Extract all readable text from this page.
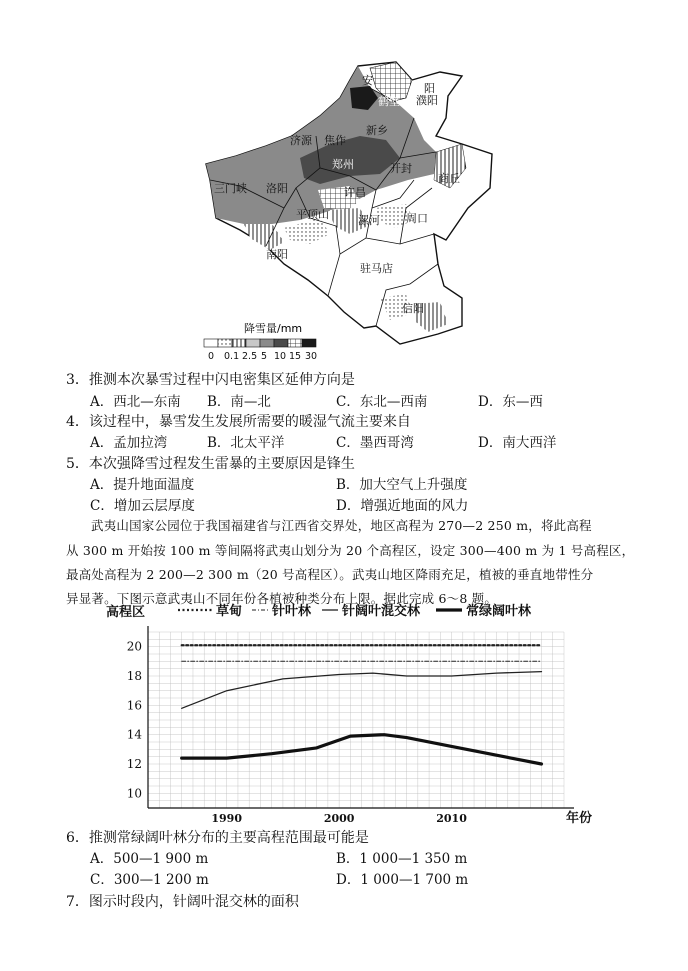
安
阳
鹤壁 濮阳
新乡
济源 焦作
郑州	开封
商丘
三门峡 洛阳	许昌
平顶山	漯河 周口
南阳
驻马店
信阳
降雪量/mm
0 0.1 2.5 5 10 15 30
3．推测本次暴雪过程中闪电密集区延伸方向是
A．西北—东南 B．南—北	C．东北—西南	D．东—西
4．该过程中，暴雪发生发展所需要的暖湿气流主要来自
A．孟加拉湾	B．北太平洋	C．墨西哥湾	D．南大西洋
5．本次强降雪过程发生雷暴的主要原因是锋生
A．提升地面温度	B．加大空气上升强度
C．增加云层厚度	D．增强近地面的风力
武夷山国家公园位于我国福建省与江西省交界处，地区高程为 270—2 250 m，将此高程
从 300 m 开始按 100 m 等间隔将武夷山划分为 20 个高程区，设定 300—400 m 为 1 号高程区，
最高处高程为 2 200—2 300 m（20 号高程区）。武夷山地区降雨充足，植被的垂直地带性分
异显著。下图示意武夷山不同年份各植被种类分布上限。据此完成 6～8 题。
10
12
14
16
18
20
1990	2000	2010
高程区
年份
草甸 针叶林 针阔叶混交林	常绿阔叶林
6．推测常绿阔叶林分布的主要高程范围最可能是
A．500—1 900 m	B．1 000—1 350 m
C．300—1 200 m	D．1 000—1 700 m
7．图示时段内，针阔叶混交林的面积
